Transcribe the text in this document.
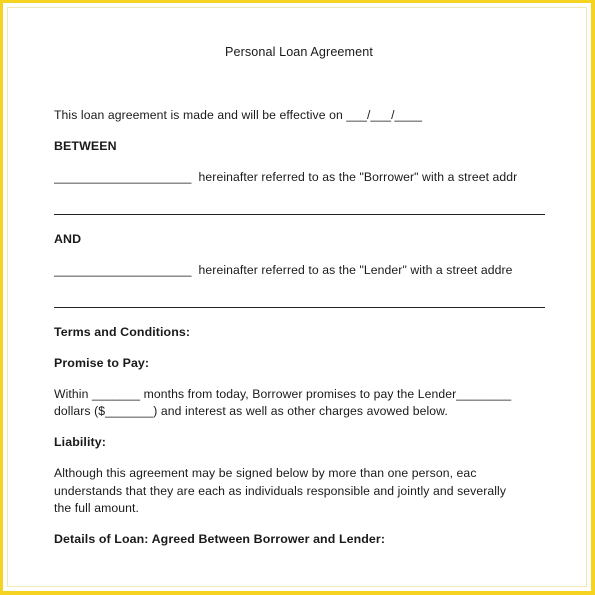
Personal Loan Agreement
This loan agreement is made and will be effective on ___/___/____
BETWEEN
____________________  hereinafter referred to as the "Borrower" with a street addr
AND
____________________  hereinafter referred to as the "Lender" with a street addre
Terms and Conditions:
Promise to Pay:
Within _______ months from today, Borrower promises to pay the Lender________
dollars ($_______) and interest as well as other charges avowed below.
Liability:
Although this agreement may be signed below by more than one person, eac
understands that they are each as individuals responsible and jointly and severally
the full amount.
Details of Loan: Agreed Between Borrower and Lender:
